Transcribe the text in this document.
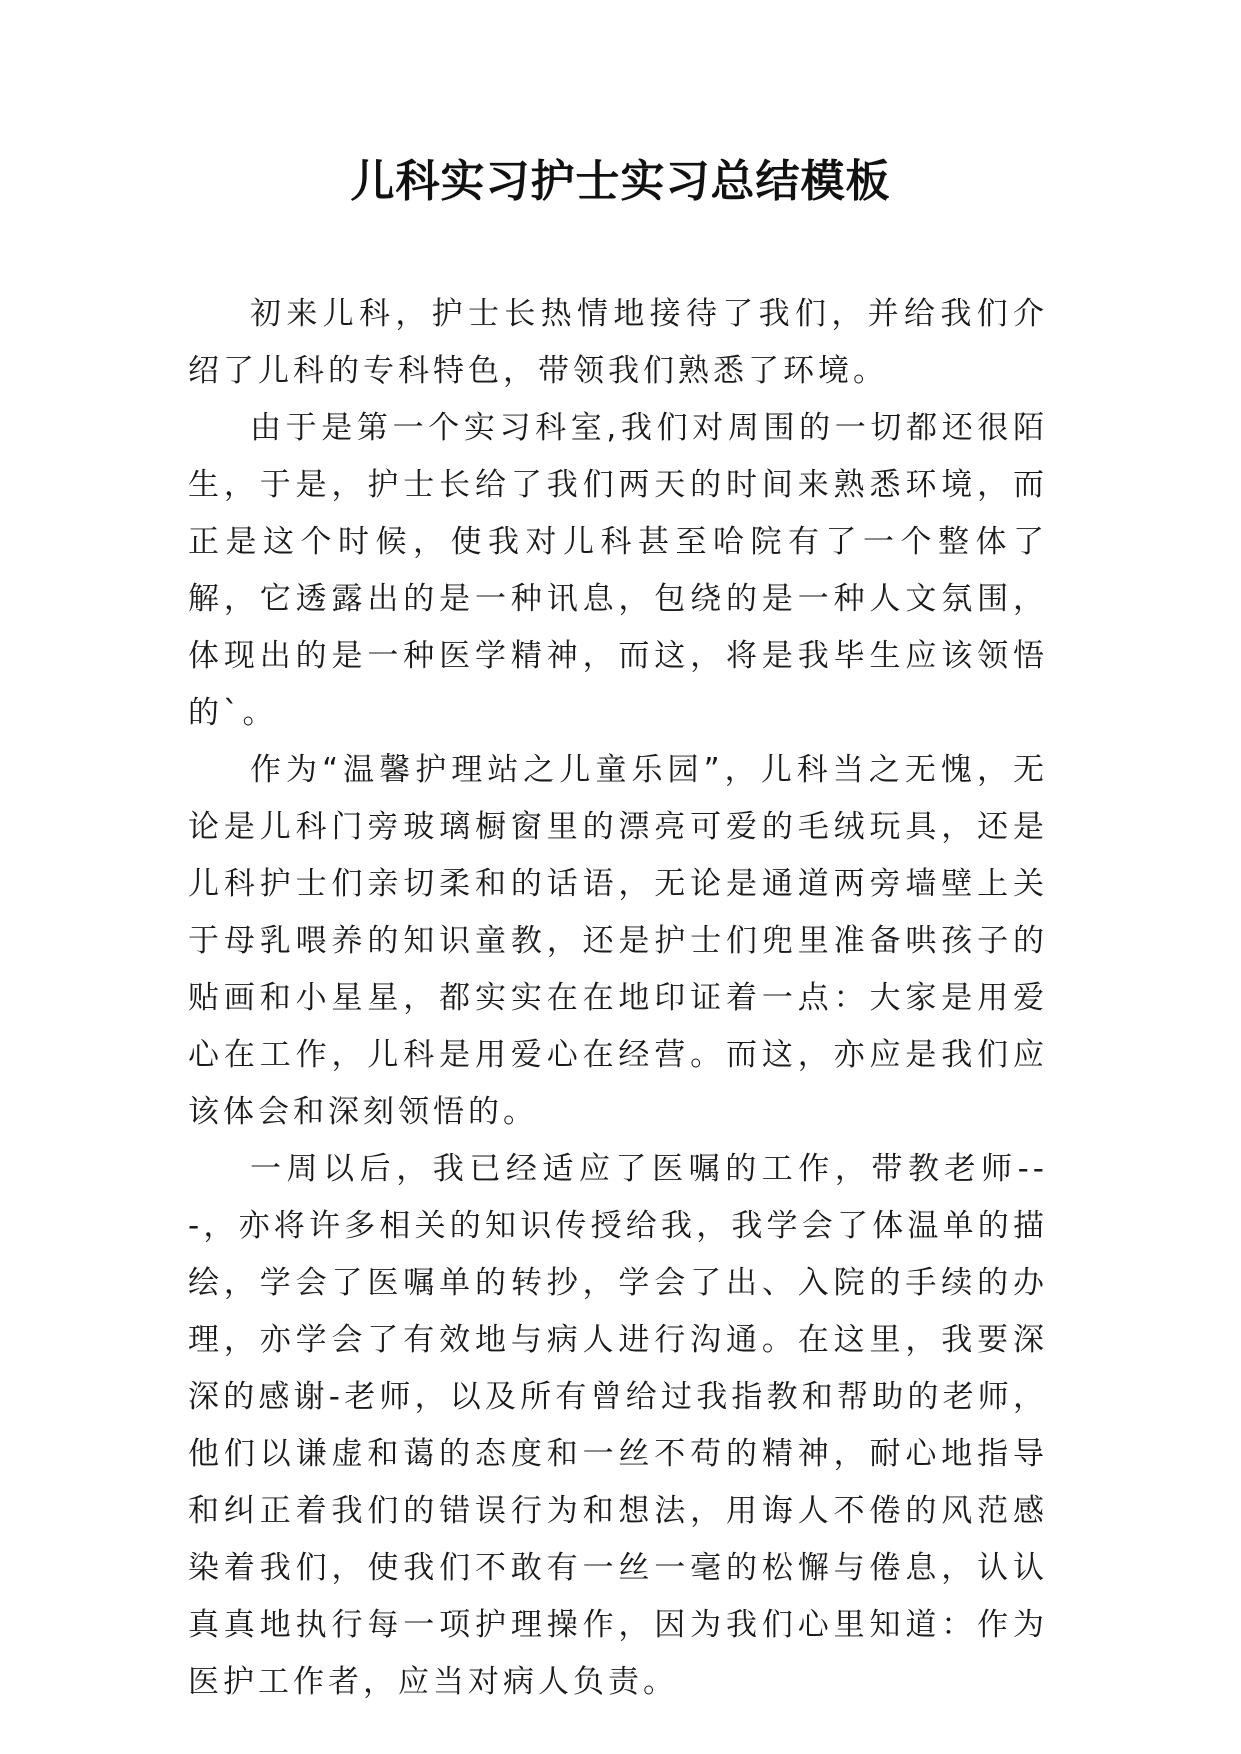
儿科实习护士实习总结模板

初来儿科，护士长热情地接待了我们，并给我们介绍了儿科的专科特色，带领我们熟悉了环境。

由于是第一个实习科室,我们对周围的一切都还很陌生，于是，护士长给了我们两天的时间来熟悉环境，而正是这个时候，使我对儿科甚至哈院有了一个整体了解，它透露出的是一种讯息，包绕的是一种人文氛围，体现出的是一种医学精神，而这，将是我毕生应该领悟的`。

作为“温馨护理站之儿童乐园”，儿科当之无愧，无论是儿科门旁玻璃橱窗里的漂亮可爱的毛绒玩具，还是儿科护士们亲切柔和的话语，无论是通道两旁墙壁上关于母乳喂养的知识童教，还是护士们兜里准备哄孩子的贴画和小星星，都实实在在地印证着一点：大家是用爱心在工作，儿科是用爱心在经营。而这，亦应是我们应该体会和深刻领悟的。

一周以后，我已经适应了医嘱的工作，带教老师---，亦将许多相关的知识传授给我，我学会了体温单的描绘，学会了医嘱单的转抄，学会了出、入院的手续的办理，亦学会了有效地与病人进行沟通。在这里，我要深深的感谢-老师，以及所有曾给过我指教和帮助的老师，他们以谦虚和蔼的态度和一丝不苟的精神，耐心地指导和纠正着我们的错误行为和想法，用诲人不倦的风范感染着我们，使我们不敢有一丝一毫的松懈与倦息，认认真真地执行每一项护理操作，因为我们心里知道：作为医护工作者，应当对病人负责。
